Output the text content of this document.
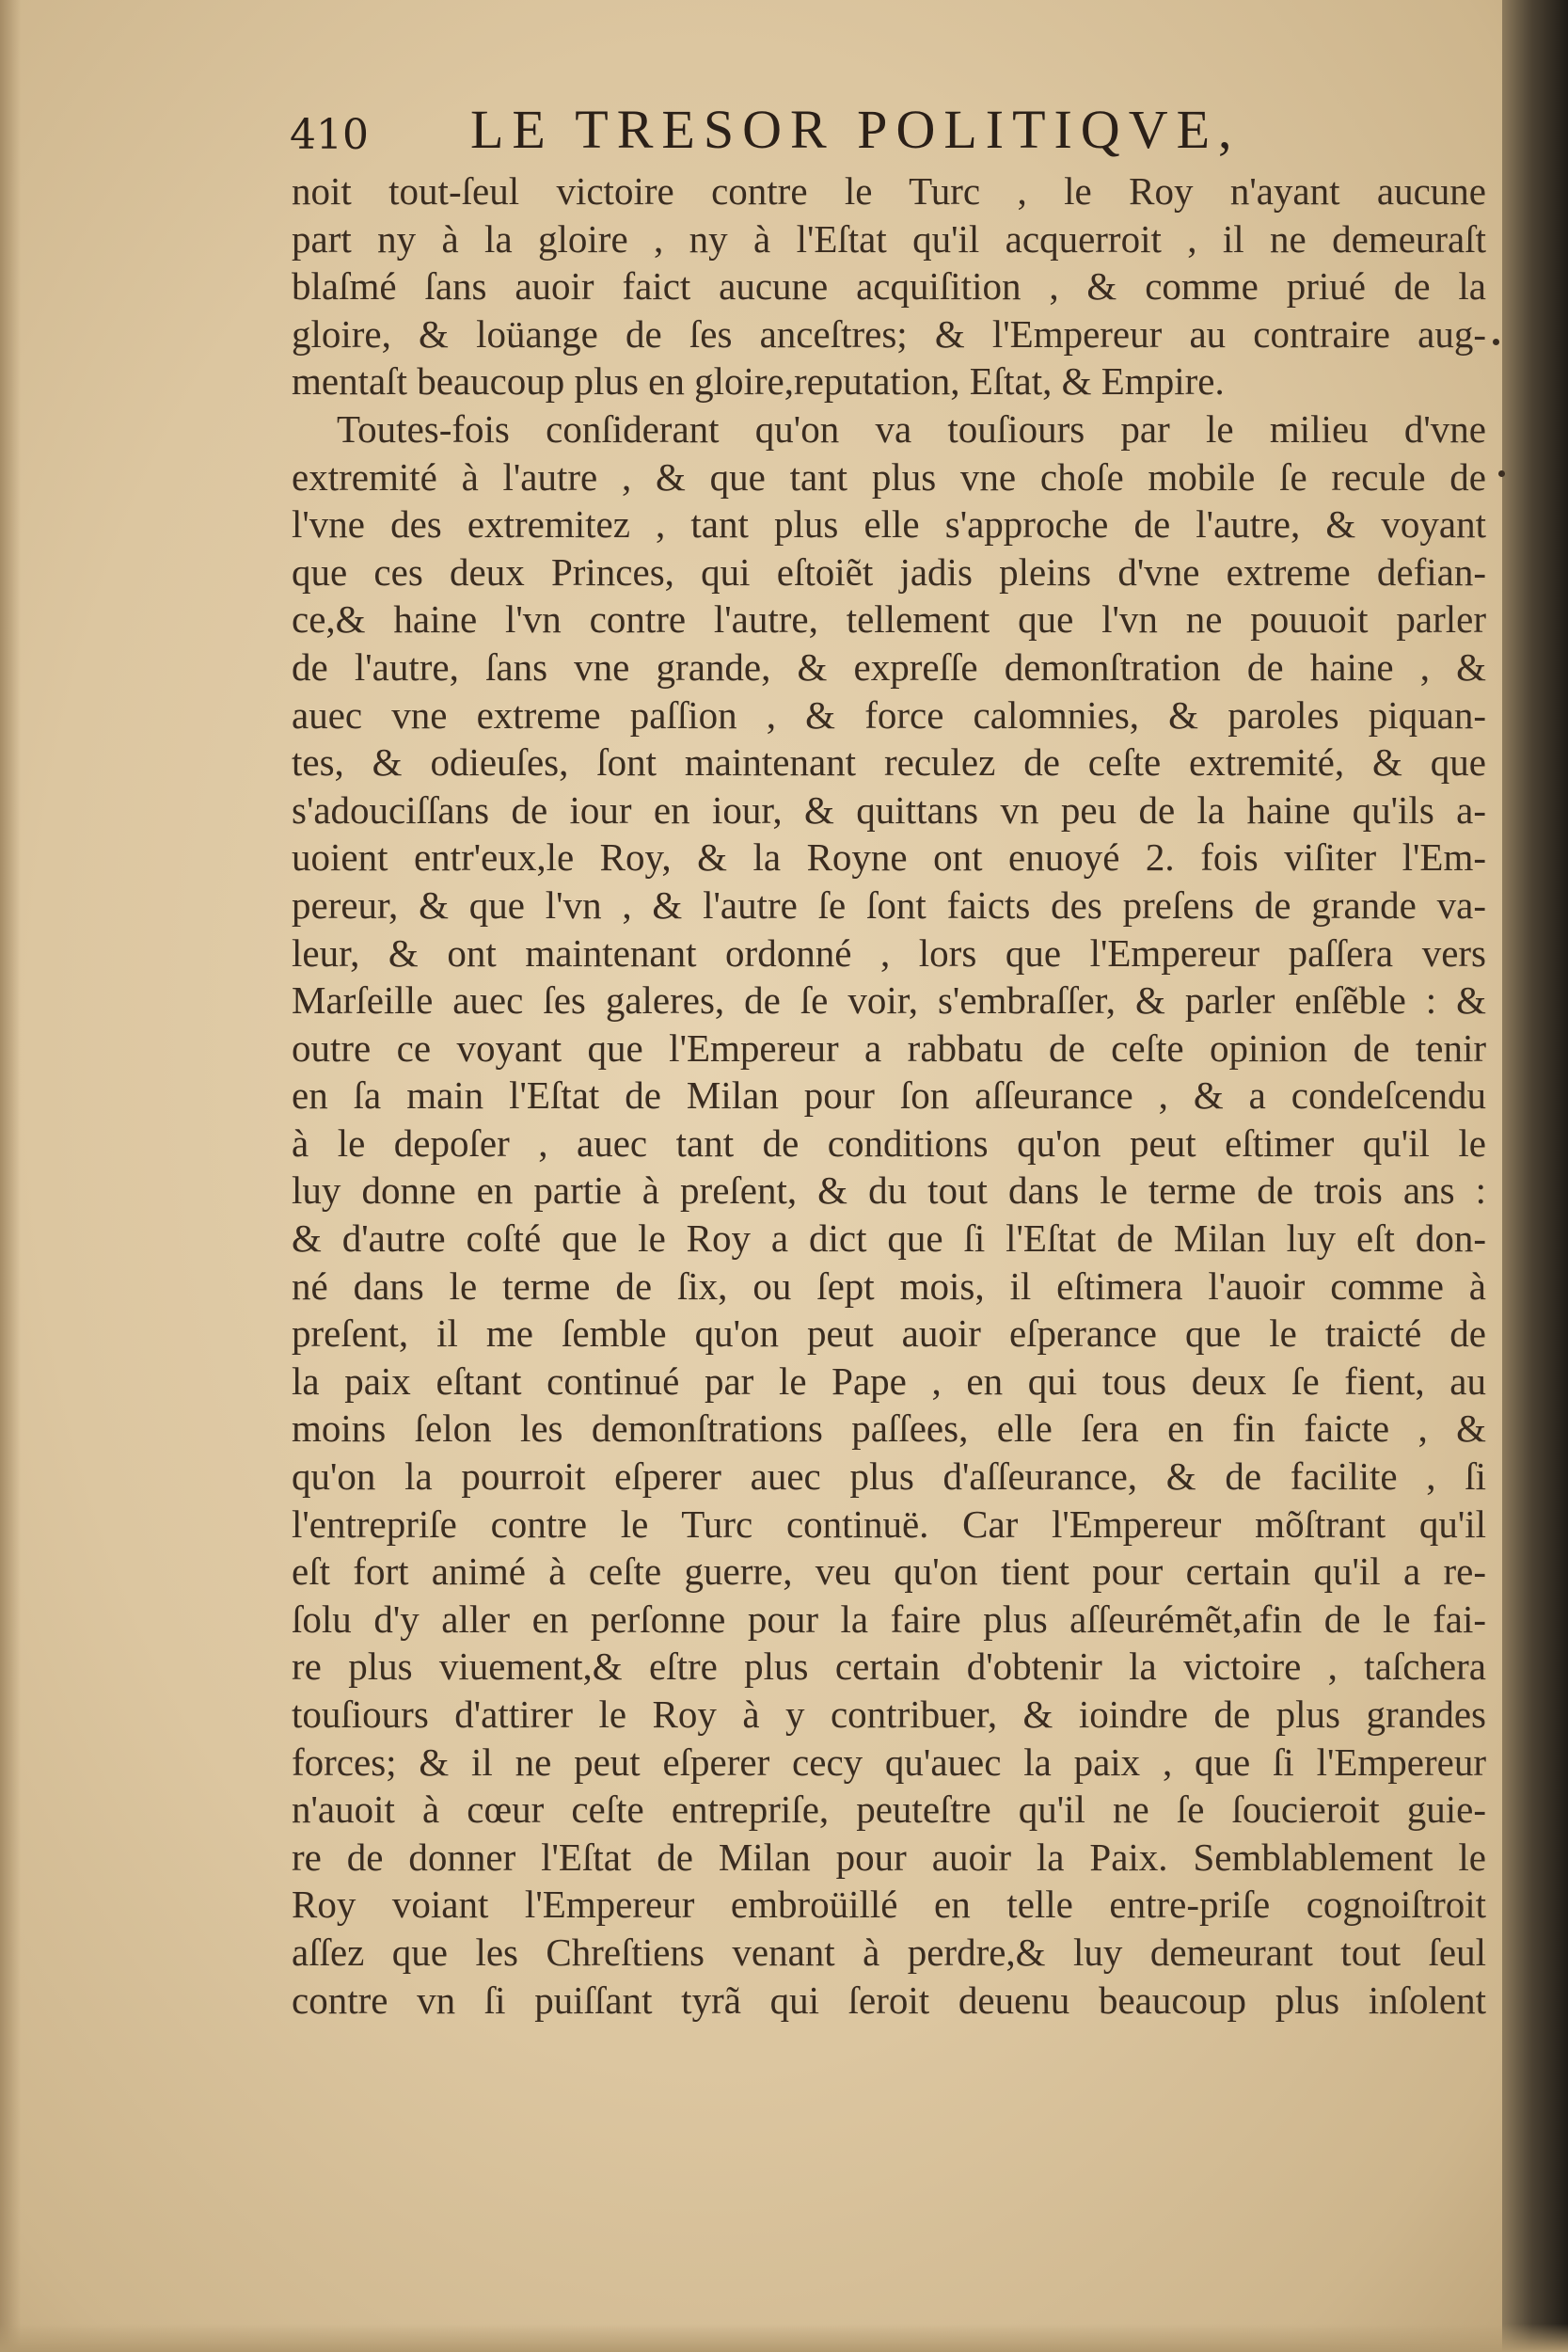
410 LE TRESOR POLITIQVE,
noit tout-ſeul victoire contre le Turc , le Roy n'ayant aucune
part ny à la gloire , ny à l'Eſtat qu'il acquerroit , il ne demeuraſt
blaſmé ſans auoir faict aucune acquiſition , & comme priué de la
gloire, & loüange de ſes anceſtres; & l'Empereur au contraire aug-
mentaſt beaucoup plus en gloire,reputation, Eſtat, & Empire.
Toutes-fois conſiderant qu'on va touſiours par le milieu d'vne
extremité à l'autre , & que tant plus vne choſe mobile ſe recule de
l'vne des extremitez , tant plus elle s'approche de l'autre, & voyant
que ces deux Princes, qui eſtoiẽt jadis pleins d'vne extreme defian-
ce,& haine l'vn contre l'autre, tellement que l'vn ne pouuoit parler
de l'autre, ſans vne grande, & expreſſe demonſtration de haine , &
auec vne extreme paſſion , & force calomnies, & paroles piquan-
tes, & odieuſes, ſont maintenant reculez de ceſte extremité, & que
s'adouciſſans de iour en iour, & quittans vn peu de la haine qu'ils a-
uoient entr'eux,le Roy, & la Royne ont enuoyé 2. fois viſiter l'Em-
pereur, & que l'vn , & l'autre ſe ſont faicts des preſens de grande va-
leur, & ont maintenant ordonné , lors que l'Empereur paſſera vers
Marſeille auec ſes galeres, de ſe voir, s'embraſſer, & parler enſẽble : &
outre ce voyant que l'Empereur a rabbatu de ceſte opinion de tenir
en ſa main l'Eſtat de Milan pour ſon aſſeurance , & a condeſcendu
à le depoſer , auec tant de conditions qu'on peut eſtimer qu'il le
luy donne en partie à preſent, & du tout dans le terme de trois ans :
& d'autre coſté que le Roy a dict que ſi l'Eſtat de Milan luy eſt don-
né dans le terme de ſix, ou ſept mois, il eſtimera l'auoir comme à
preſent, il me ſemble qu'on peut auoir eſperance que le traicté de
la paix eſtant continué par le Pape , en qui tous deux ſe fient, au
moins ſelon les demonſtrations paſſees, elle ſera en fin faicte , &
qu'on la pourroit eſperer auec plus d'aſſeurance, & de facilite , ſi
l'entrepriſe contre le Turc continuë. Car l'Empereur mõſtrant qu'il
eſt fort animé à ceſte guerre, veu qu'on tient pour certain qu'il a re-
ſolu d'y aller en perſonne pour la faire plus aſſeurémẽt,afin de le fai-
re plus viuement,& eſtre plus certain d'obtenir la victoire , taſchera
touſiours d'attirer le Roy à y contribuer, & ioindre de plus grandes
forces; & il ne peut eſperer cecy qu'auec la paix , que ſi l'Empereur
n'auoit à cœur ceſte entrepriſe, peuteſtre qu'il ne ſe ſoucieroit guie-
re de donner l'Eſtat de Milan pour auoir la Paix. Semblablement le
Roy voiant l'Empereur embroüillé en telle entre-priſe cognoiſtroit
aſſez que les Chreſtiens venant à perdre,& luy demeurant tout ſeul
contre vn ſi puiſſant tyrã qui ſeroit deuenu beaucoup plus inſolent
